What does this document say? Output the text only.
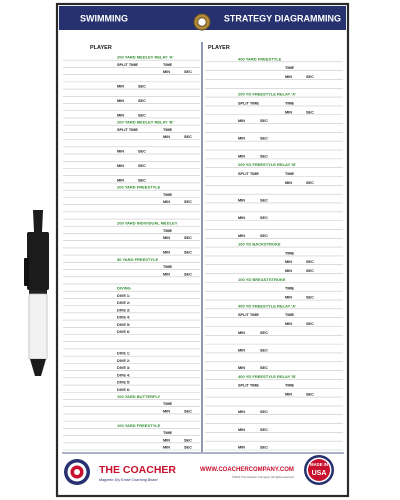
SWIMMING	STRATEGY DIAGRAMMING
PLAYER	PLAYER
200 YARD MEDLEY RELAY 'A'
SPLIT TIME	TIME
MIN	SEC
MIN	SEC
MIN	SEC
MIN	SEC
200 YARD MEDLEY RELAY 'B'
SPLIT TIME	TIME
MIN	SEC
MIN	SEC
MIN	SEC
MIN	SEC
200 YARD FREESTYLE
TIME
MIN	SEC
200 YARD INDIVIDUAL MEDLEY
TIME
MIN	SEC
MIN	SEC
50 YARD FREESTYLE
TIME
MIN	SEC
DIVING
DIVE 1:
DIVE 2:
DIVE 3:
DIVE 4:
DIVE 5:
DIVE 6:
DIVE 1:
DIVE 2:
DIVE 3:
DIVE 4:
DIVE 5:
DIVE 6:
100 YARD BUTTERFLY
TIME
MIN	SEC
100 YARD FREESTYLE
TIME
MIN	SEC
MIN	SEC
400 YARD FREESTYLE
TIME
MIN	SEC
200 YD FREESTYLE RELAY 'A'
SPLIT TIME	TIME
MIN	SEC
MIN	SEC
MIN	SEC
MIN	SEC
200 YD FREESTYLE RELAY 'B'
SPLIT TIME	TIME
MIN	SEC
MIN	SEC
MIN	SEC
MIN	SEC
100 YD BACKSTROKE
TIME
MIN	SEC
MIN	SEC
100 YD BREASTSTROKE
TIME
MIN	SEC
400 YD FREESTYLE RELAY 'A'
SPLIT TIME	TIME
MIN	SEC
MIN	SEC
MIN	SEC
MIN	SEC
400 YD FREESTYLE RELAY 'B'
SPLIT TIME	TIME
MIN	SEC
MIN	SEC
MIN	SEC
MIN	SEC
THE COACHER
Magnetic Dry Erase Coaching Board
WWW.COACHERCOMPANY.COM
©2021 The Coacher Company. All rights reserved.
MADE IN
USA
